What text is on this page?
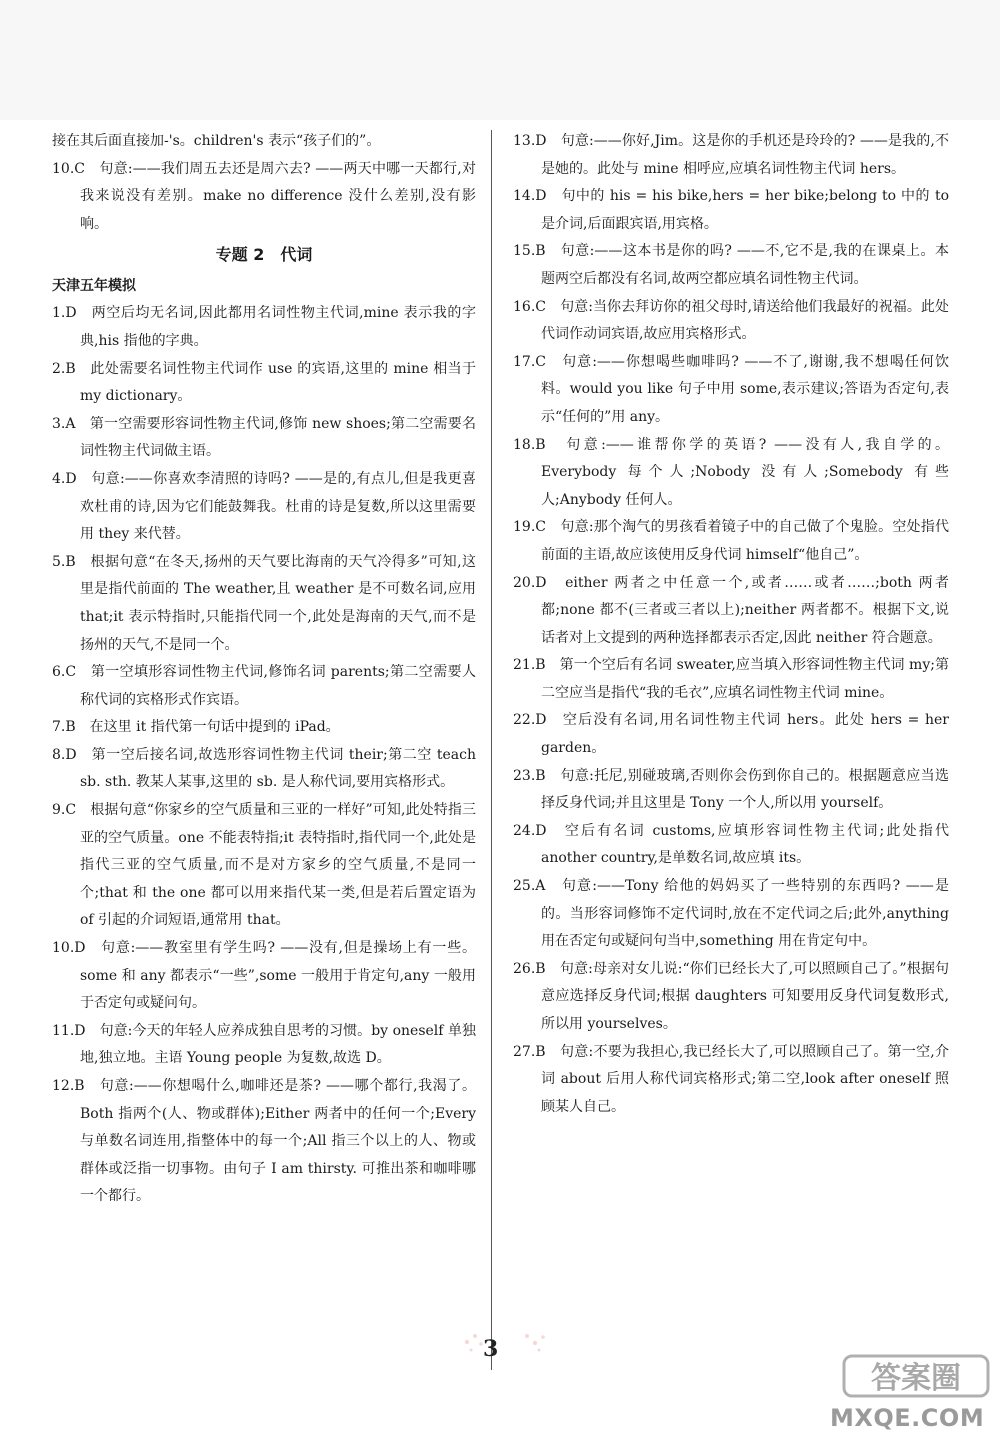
接在其后面直接加-'s。children's 表示“孩子们的”。

10.C　句意:——我们周五去还是周六去? ——两天中哪一天都行,对我来说没有差别。make no difference 没什么差别,没有影响。

专题 2　代词
天津五年模拟

1.D　两空后均无名词,因此都用名词性物主代词,mine 表示我的字典,his 指他的字典。

2.B　此处需要名词性物主代词作 use 的宾语,这里的 mine 相当于 my dictionary。

3.A　第一空需要形容词性物主代词,修饰 new shoes;第二空需要名词性物主代词做主语。

4.D　句意:——你喜欢李清照的诗吗? ——是的,有点儿,但是我更喜欢杜甫的诗,因为它们能鼓舞我。杜甫的诗是复数,所以这里需要用 they 来代替。

5.B　根据句意“在冬天,扬州的天气要比海南的天气冷得多”可知,这里是指代前面的 The weather,且 weather 是不可数名词,应用 that;it 表示特指时,只能指代同一个,此处是海南的天气,而不是扬州的天气,不是同一个。

6.C　第一空填形容词性物主代词,修饰名词 parents;第二空需要人称代词的宾格形式作宾语。

7.B　在这里 it 指代第一句话中提到的 iPad。

8.D　第一空后接名词,故选形容词性物主代词 their;第二空 teach sb. sth. 教某人某事,这里的 sb. 是人称代词,要用宾格形式。

9.C　根据句意“你家乡的空气质量和三亚的一样好”可知,此处特指三亚的空气质量。one 不能表特指;it 表特指时,指代同一个,此处是指代三亚的空气质量,而不是对方家乡的空气质量,不是同一个;that 和 the one 都可以用来指代某一类,但是若后置定语为 of 引起的介词短语,通常用 that。

10.D　句意:——教室里有学生吗? ——没有,但是操场上有一些。some 和 any 都表示“一些”,some 一般用于肯定句,any 一般用于否定句或疑问句。

11.D　句意:今天的年轻人应养成独自思考的习惯。by oneself 单独地,独立地。主语 Young people 为复数,故选 D。

12.B　句意:——你想喝什么,咖啡还是茶? ——哪个都行,我渴了。Both 指两个(人、物或群体);Either 两者中的任何一个;Every 与单数名词连用,指整体中的每一个;All 指三个以上的人、物或群体或泛指一切事物。由句子 I am thirsty. 可推出茶和咖啡哪一个都行。

13.D　句意:——你好,Jim。这是你的手机还是玲玲的? ——是我的,不是她的。此处与 mine 相呼应,应填名词性物主代词 hers。

14.D　句中的 his = his bike,hers = her bike;belong to 中的 to 是介词,后面跟宾语,用宾格。

15.B　句意:——这本书是你的吗? ——不,它不是,我的在课桌上。本题两空后都没有名词,故两空都应填名词性物主代词。

16.C　句意:当你去拜访你的祖父母时,请送给他们我最好的祝福。此处代词作动词宾语,故应用宾格形式。

17.C　句意:——你想喝些咖啡吗? ——不了,谢谢,我不想喝任何饮料。would you like 句子中用 some,表示建议;答语为否定句,表示“任何的”用 any。

18.B　句意:——谁帮你学的英语? ——没有人,我自学的。Everybody 每个人;Nobody 没有人;Somebody 有些人;Anybody 任何人。

19.C　句意:那个淘气的男孩看着镜子中的自己做了个鬼脸。空处指代前面的主语,故应该使用反身代词 himself“他自己”。

20.D　either 两者之中任意一个,或者……或者……;both 两者都;none 都不(三者或三者以上);neither 两者都不。根据下文,说话者对上文提到的两种选择都表示否定,因此 neither 符合题意。

21.B　第一个空后有名词 sweater,应当填入形容词性物主代词 my;第二空应当是指代“我的毛衣”,应填名词性物主代词 mine。

22.D　空后没有名词,用名词性物主代词 hers。此处 hers = her garden。

23.B　句意:托尼,别碰玻璃,否则你会伤到你自己的。根据题意应当选择反身代词;并且这里是 Tony 一个人,所以用 yourself。

24.D　空后有名词 customs,应填形容词性物主代词;此处指代 another country,是单数名词,故应填 its。

25.A　句意:——Tony 给他的妈妈买了一些特别的东西吗? ——是的。当形容词修饰不定代词时,放在不定代词之后;此外,anything 用在否定句或疑问句当中,something 用在肯定句中。

26.B　句意:母亲对女儿说:“你们已经长大了,可以照顾自己了。”根据句意应选择反身代词;根据 daughters 可知要用反身代词复数形式,所以用 yourselves。

27.B　句意:不要为我担心,我已经长大了,可以照顾自己了。第一空,介词 about 后用人称代词宾格形式;第二空,look after oneself 照顾某人自己。

3
答案圈
MXQE.COM
